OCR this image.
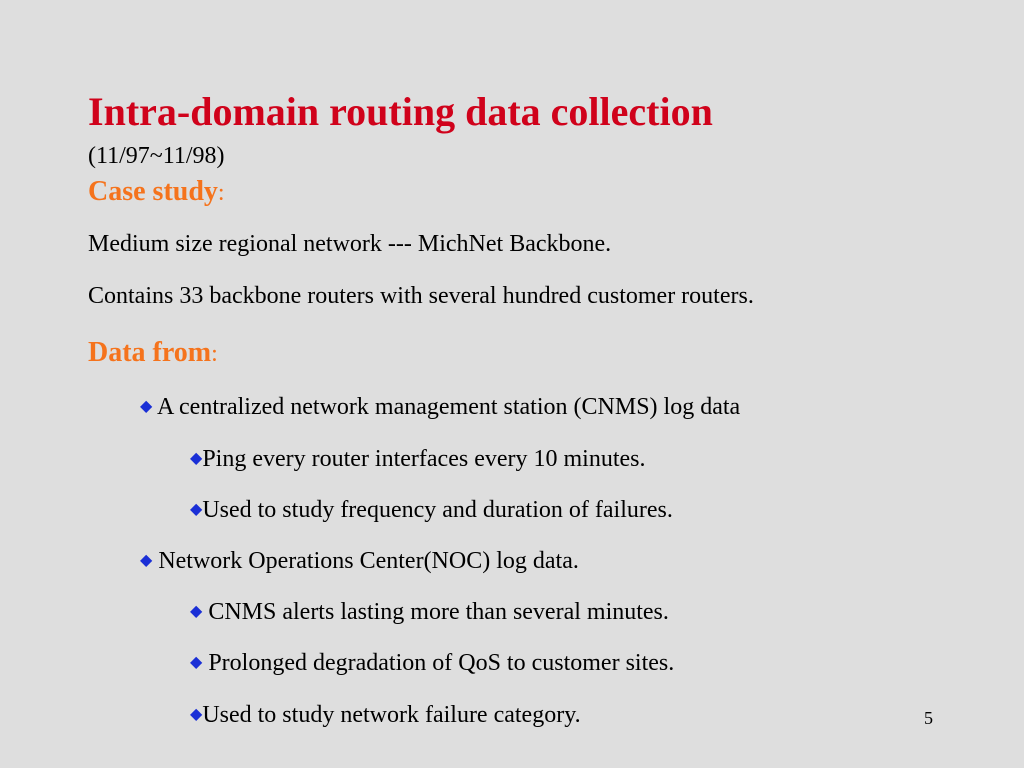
Intra-domain routing data collection
(11/97~11/98)
Case study:
Medium size regional network --- MichNet Backbone.
Contains 33 backbone routers with several hundred customer routers.
Data from:
◆ A centralized network management station (CNMS) log data
◆Ping every router interfaces every 10 minutes.
◆Used to study frequency and duration of failures.
◆ Network Operations Center(NOC) log data.
◆ CNMS alerts lasting more than several minutes.
◆ Prolonged degradation of QoS to customer sites.
◆Used to study network failure category.	5
